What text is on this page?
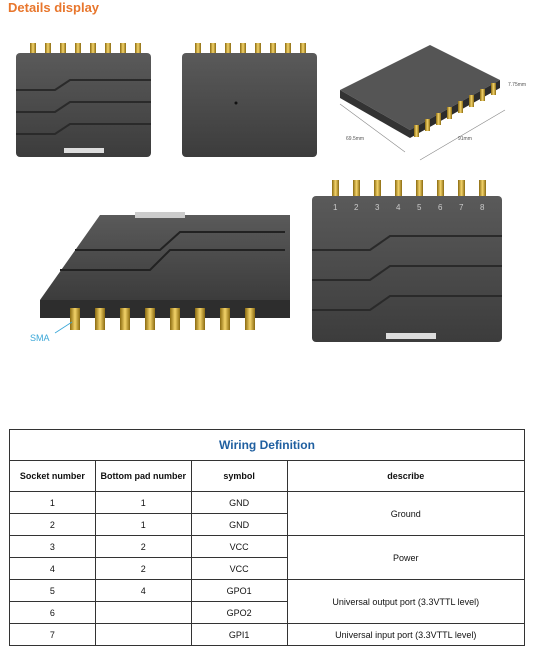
Details display
69.5mm	91mm
7.75mm
SMA
1 2 3 4 5 6 7 8
Wiring Definition			
Socket number	Bottom pad number	symbol	describe
1	1	GND	Ground
2	1	GND	
3	2	VCC	Power
4	2	VCC	
5	4	GPO1	Universal output port (3.3VTTL level)
6		GPO2	
7		GPI1	Universal input port (3.3VTTL level)
